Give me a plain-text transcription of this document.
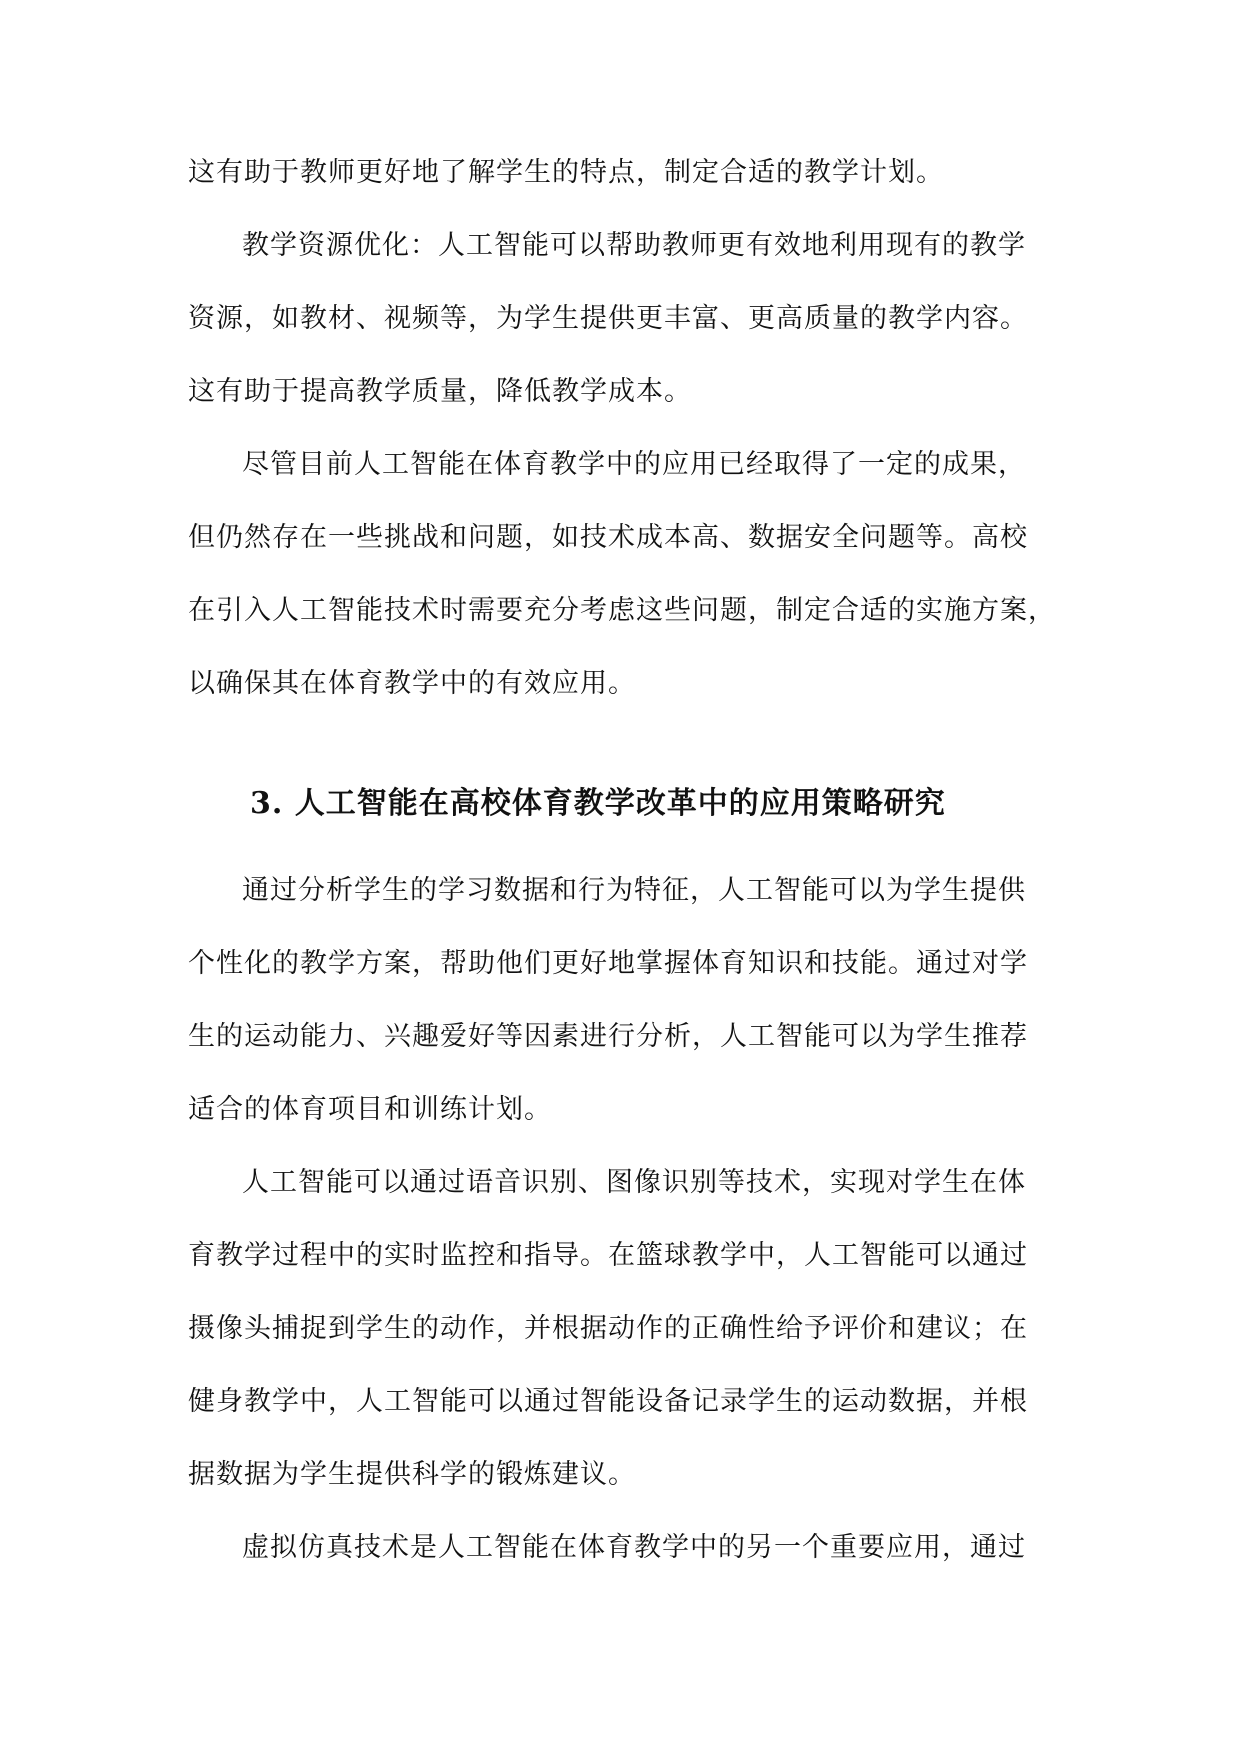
这有助于教师更好地了解学生的特点，制定合适的教学计划。
教学资源优化：人工智能可以帮助教师更有效地利用现有的教学
资源，如教材、视频等，为学生提供更丰富、更高质量的教学内容。
这有助于提高教学质量，降低教学成本。
尽管目前人工智能在体育教学中的应用已经取得了一定的成果，
但仍然存在一些挑战和问题，如技术成本高、数据安全问题等。高校
在引入人工智能技术时需要充分考虑这些问题，制定合适的实施方案，
以确保其在体育教学中的有效应用。
3. 人工智能在高校体育教学改革中的应用策略研究
通过分析学生的学习数据和行为特征，人工智能可以为学生提供
个性化的教学方案，帮助他们更好地掌握体育知识和技能。通过对学
生的运动能力、兴趣爱好等因素进行分析，人工智能可以为学生推荐
适合的体育项目和训练计划。
人工智能可以通过语音识别、图像识别等技术，实现对学生在体
育教学过程中的实时监控和指导。在篮球教学中，人工智能可以通过
摄像头捕捉到学生的动作，并根据动作的正确性给予评价和建议；在
健身教学中，人工智能可以通过智能设备记录学生的运动数据，并根
据数据为学生提供科学的锻炼建议。
虚拟仿真技术是人工智能在体育教学中的另一个重要应用，通过
